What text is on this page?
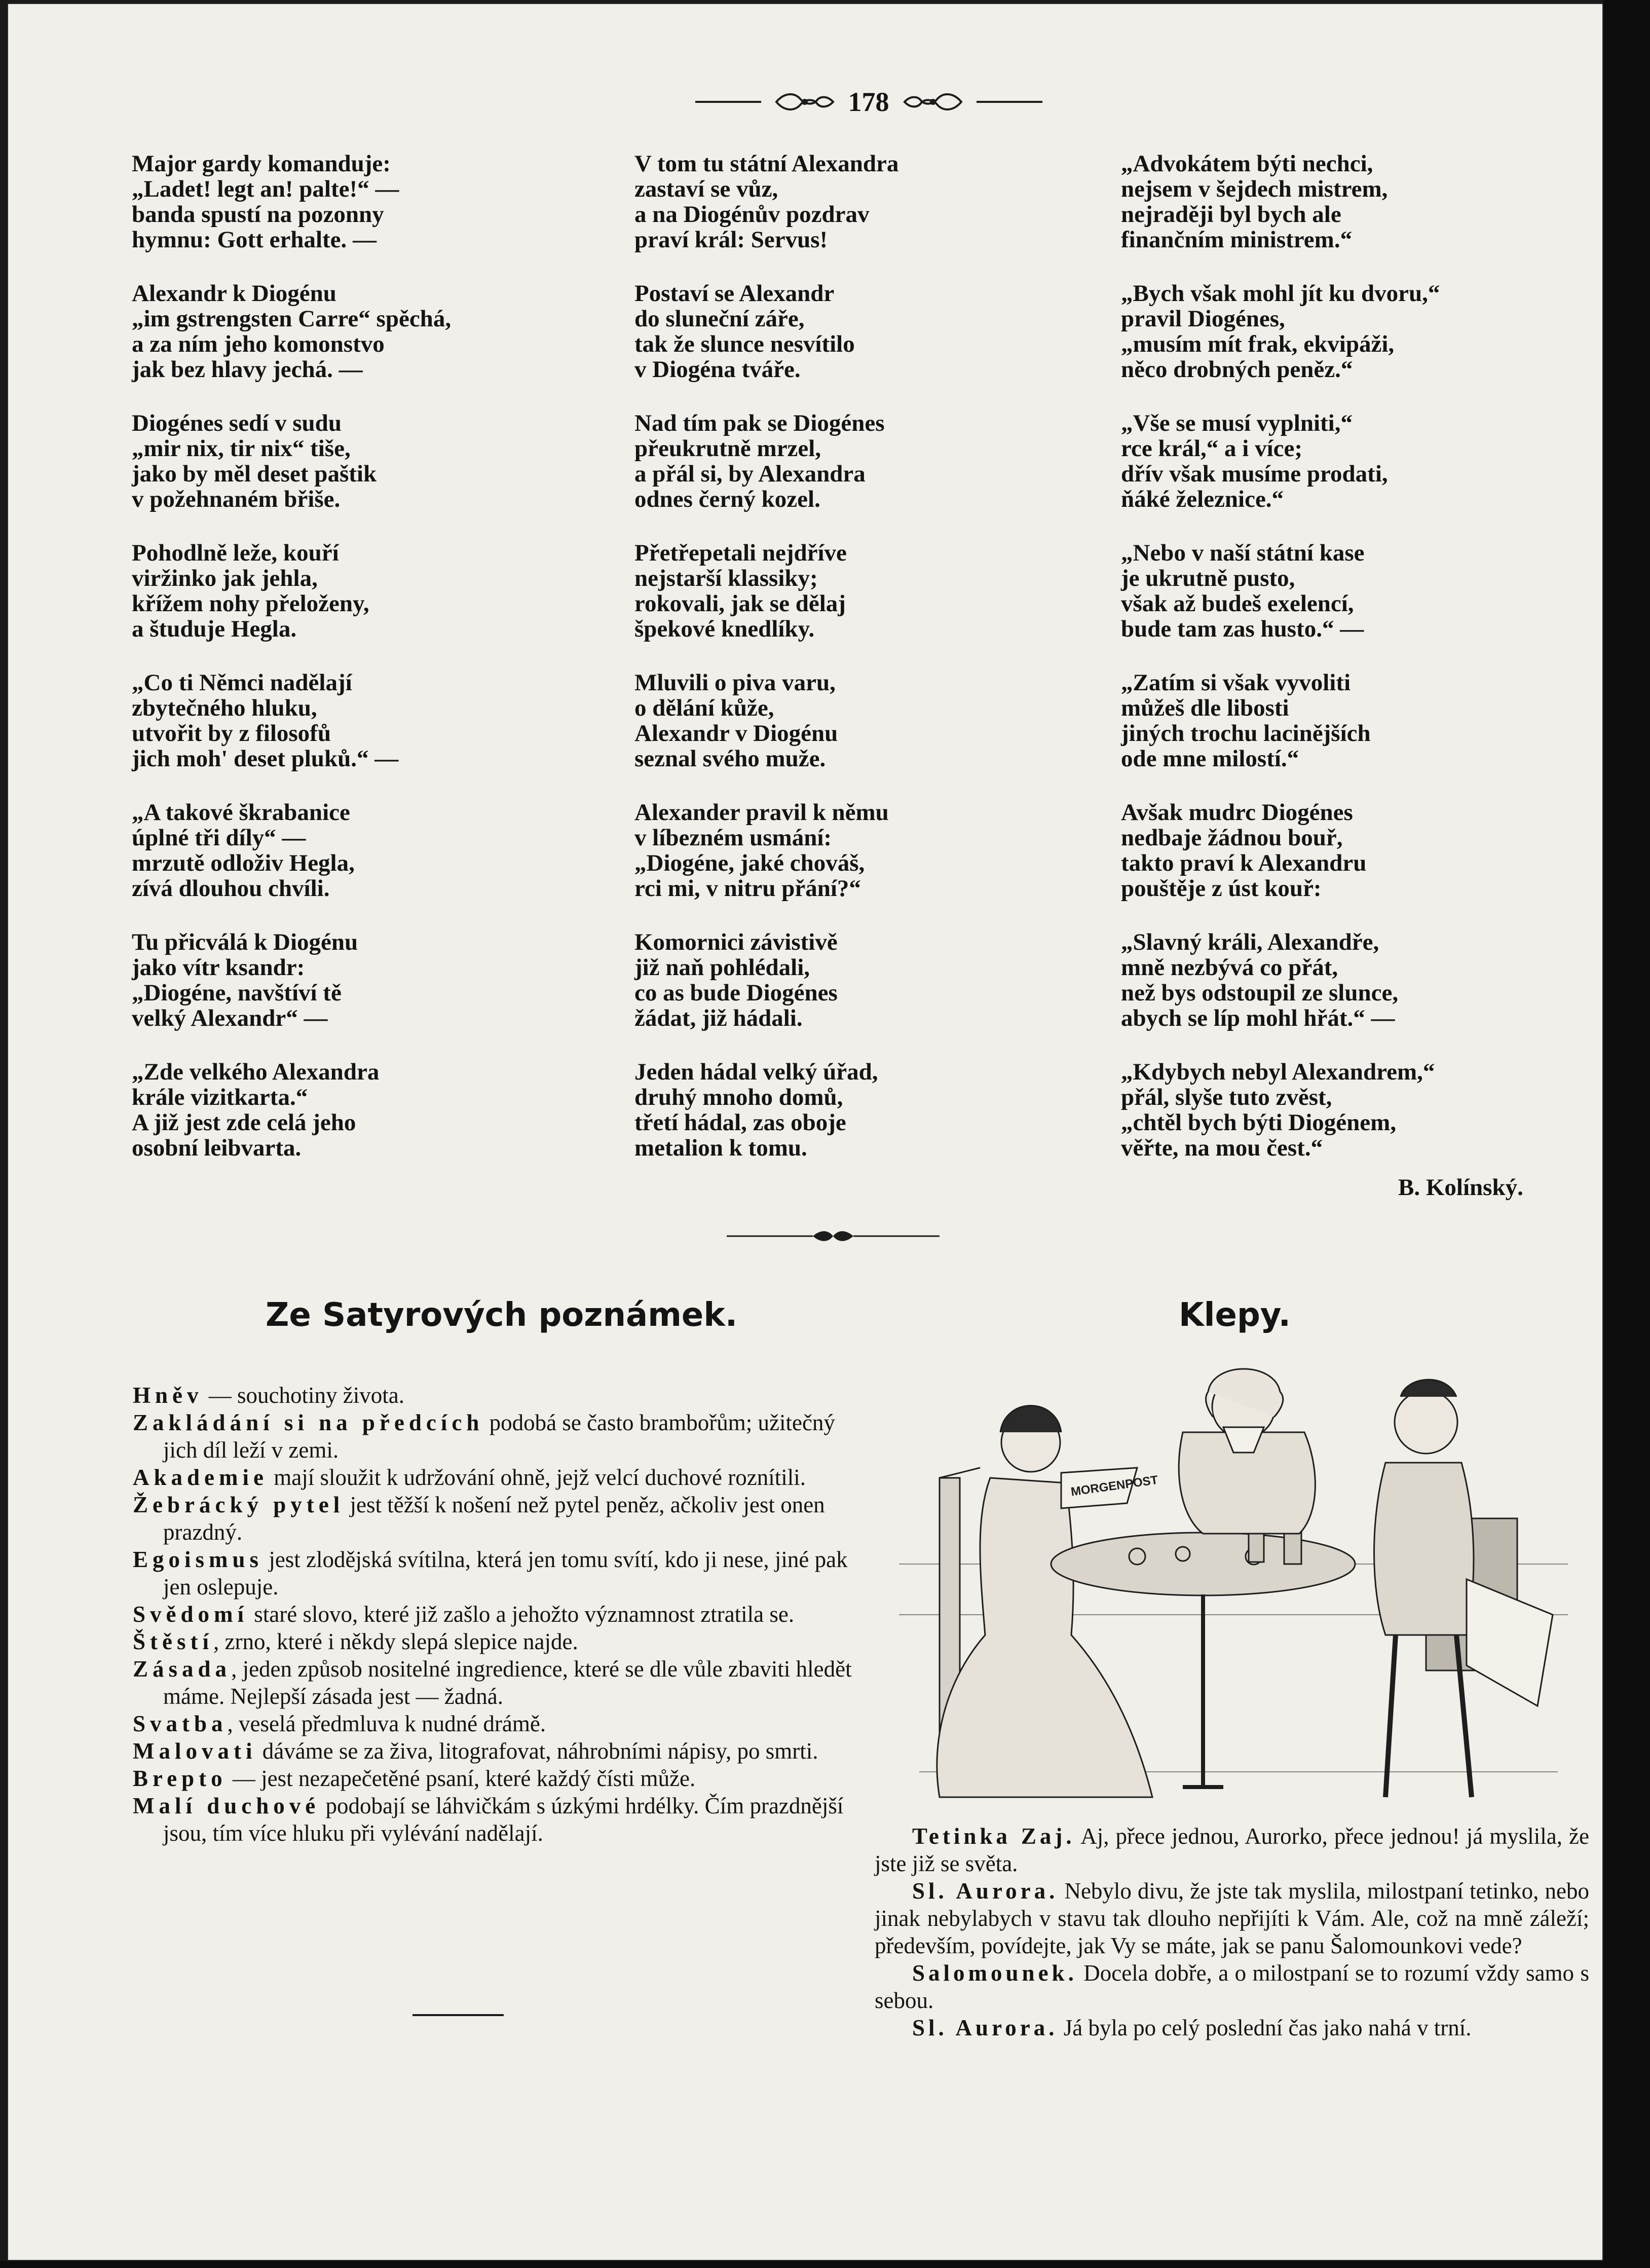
178
Major gardy komanduje:
„Ladet! legt an! palte!“ —
banda spustí na pozonny
hymnu: Gott erhalte. —
Alexandr k Diogénu
„im gstrengsten Carre“ spěchá,
a za ním jeho komonstvo
jak bez hlavy jechá. —
Diogénes sedí v sudu
„mir nix, tir nix“ tiše,
jako by měl deset paštik
v požehnaném břiše.
Pohodlně leže, kouří
viržinko jak jehla,
křížem nohy přeloženy,
a študuje Hegla.
„Co ti Němci nadělají
zbytečného hluku,
utvořit by z filosofů
jich moh' deset pluků.“ —
„A takové škrabanice
úplné tři díly“ —
mrzutě odloživ Hegla,
zívá dlouhou chvíli.
Tu přicválá k Diogénu
jako vítr ksandr:
„Diogéne, navštíví tě
velký Alexandr“ —
„Zde velkého Alexandra
krále vizitkarta.“
A již jest zde celá jeho
osobní leibvarta.
V tom tu státní Alexandra
zastaví se vůz,
a na Diogénův pozdrav
praví král: Servus!
Postaví se Alexandr
do sluneční záře,
tak že slunce nesvítilo
v Diogéna tváře.
Nad tím pak se Diogénes
přeukrutně mrzel,
a přál si, by Alexandra
odnes černý kozel.
Přetřepetali nejdříve
nejstarší klassiky;
rokovali, jak se dělaj
špekové knedlíky.
Mluvili o piva varu,
o dělání kůže,
Alexandr v Diogénu
seznal svého muže.
Alexander pravil k němu
v líbezném usmání:
„Diogéne, jaké chováš,
rci mi, v nitru přání?“
Komornici závistivě
již naň pohlédali,
co as bude Diogénes
žádat, již hádali.
Jeden hádal velký úřad,
druhý mnoho domů,
třetí hádal, zas oboje
metalion k tomu.
„Advokátem býti nechci,
nejsem v šejdech mistrem,
nejraději byl bych ale
finančním ministrem.“
„Bych však mohl jít ku dvoru,“
pravil Diogénes,
„musím mít frak, ekvipáži,
něco drobných peněz.“
„Vše se musí vyplniti,“
rce král,“ a i více;
dřív však musíme prodati,
ňáké železnice.“
„Nebo v naší státní kase
je ukrutně pusto,
však až budeš exelencí,
bude tam zas husto.“ —
„Zatím si však vyvoliti
můžeš dle libosti
jiných trochu lacinějších
ode mne milostí.“
Avšak mudrc Diogénes
nedbaje žádnou bouř,
takto praví k Alexandru
pouštěje z úst kouř:
„Slavný králi, Alexandře,
mně nezbývá co přát,
než bys odstoupil ze slunce,
abych se líp mohl hřát.“ —
„Kdybych nebyl Alexandrem,“
přál, slyše tuto zvěst,
„chtěl bych býti Diogénem,
věřte, na mou čest.“
B. Kolínský.
Ze Satyrových poznámek.	Klepy.

Hněv — souchotiny života.

Zakládání si na předcích podobá se často brambořům; užitečný jich díl leží v zemi.

Akademie mají sloužit k udržování ohně, jejž velcí duchové roznítili.

Žebrácký pytel jest těžší k nošení než pytel peněz, ačkoliv jest onen prazdný.

Egoismus jest zlodějská svítilna, která jen tomu svítí, kdo ji nese, jiné pak jen oslepuje.

Svědomí staré slovo, které již zašlo a jehožto významnost ztratila se.

Štěstí, zrno, které i někdy slepá slepice najde.

Zásada, jeden způsob nositelné ingredience, které se dle vůle zbaviti hledět máme. Nejlepší zásada jest — žadná.

Svatba, veselá předmluva k nudné drámě.

Malovati dáváme se za živa, litografovat, náhrobními nápisy, po smrti.

Brepto — jest nezapečetěné psaní, které každý čísti může.

Malí duchové podobají se láhvičkám s úzkými hrdélky. Čím prazdnější jsou, tím více hluku při vylévání nadělají.

MORGENPOST

Tetinka Zaj. Aj, přece jednou, Aurorko, přece jednou! já myslila, že jste již se světa.

Sl. Aurora. Nebylo divu, že jste tak myslila, milostpaní tetinko, nebo jinak nebylabych v stavu tak dlouho nepřijíti k Vám. Ale, což na mně záleží; především, povídejte, jak Vy se máte, jak se panu Šalomounkovi vede?

Salomounek. Docela dobře, a o milostpaní se to rozumí vždy samo s sebou.

Sl. Aurora. Já byla po celý poslední čas jako nahá v trní.
